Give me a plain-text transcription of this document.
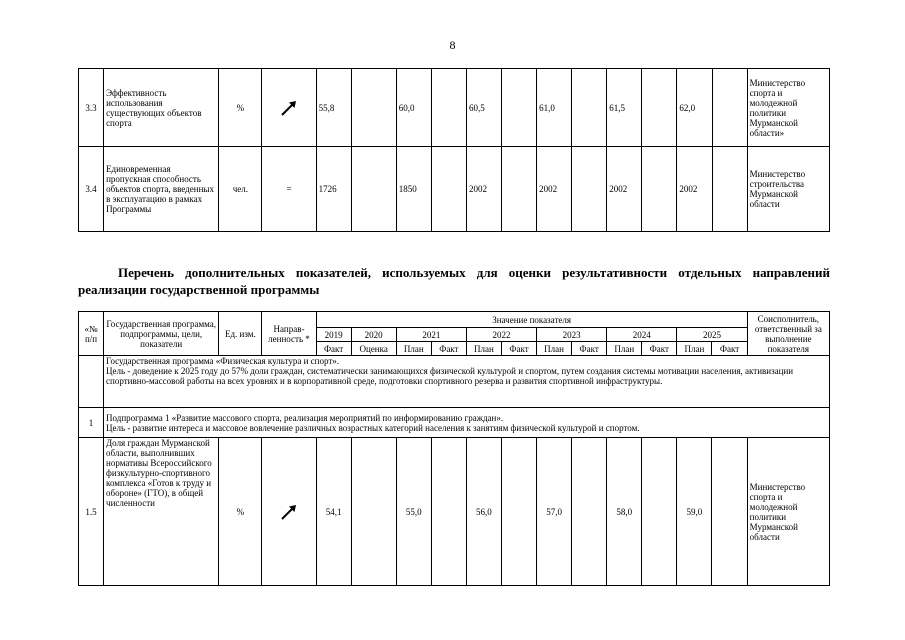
8
3.3	Эффективность использования существующих объектов спорта	%		55,8		60,0		60,5		61,0		61,5		62,0		Министерство спорта и молодежной политики Мурманской области»
3.4	Единовременная пропускная способность объектов спорта, введенных в эксплуатацию в рамках Программы	чел.	=	1726		1850		2002		2002		2002		2002		Министерство строительства Мурманской области
Перечень дополнительных показателей, используемых для оценки результативности отдельных направлений реализации государственной программы
«№ п/п	Государственная программа, подпрограммы, цели, показатели	Ед. изм.	Направ-ленность *	Значение показателя												Соисполнитель, ответственный за выполнение показателя
				2019	2020	2021		2022		2023		2024		2025		
				Факт	Оценка	План	Факт	План	Факт	План	Факт	План	Факт	План	Факт	

	Государственная программа «Физическая культура и спорт».
Цель - доведение к 2025 году до 57% доли граждан, систематически занимающихся физической культурой и спортом, путем создания системы мотивации населения, активизации спортивно-массовой работы на всех уровнях и в корпоративной среде, подготовки спортивного резерва и развития спортивной инфраструктуры.															

1	Подпрограмма 1 «Развитие массового спорта, реализация мероприятий по информированию граждан».
Цель - развитие интереса и массовое вовлечение различных возрастных категорий населения к занятиям физической культурой и спортом.															

1.5	Доля граждан Мурманской области, выполнивших нормативы Всероссийского физкультурно-спортивного комплекса «Готов к труду и обороне» (ГТО), в общей численности	%		54,1		55,0		56,0		57,0		58,0		59,0		Министерство спорта и молодежной политики Мурманской области
